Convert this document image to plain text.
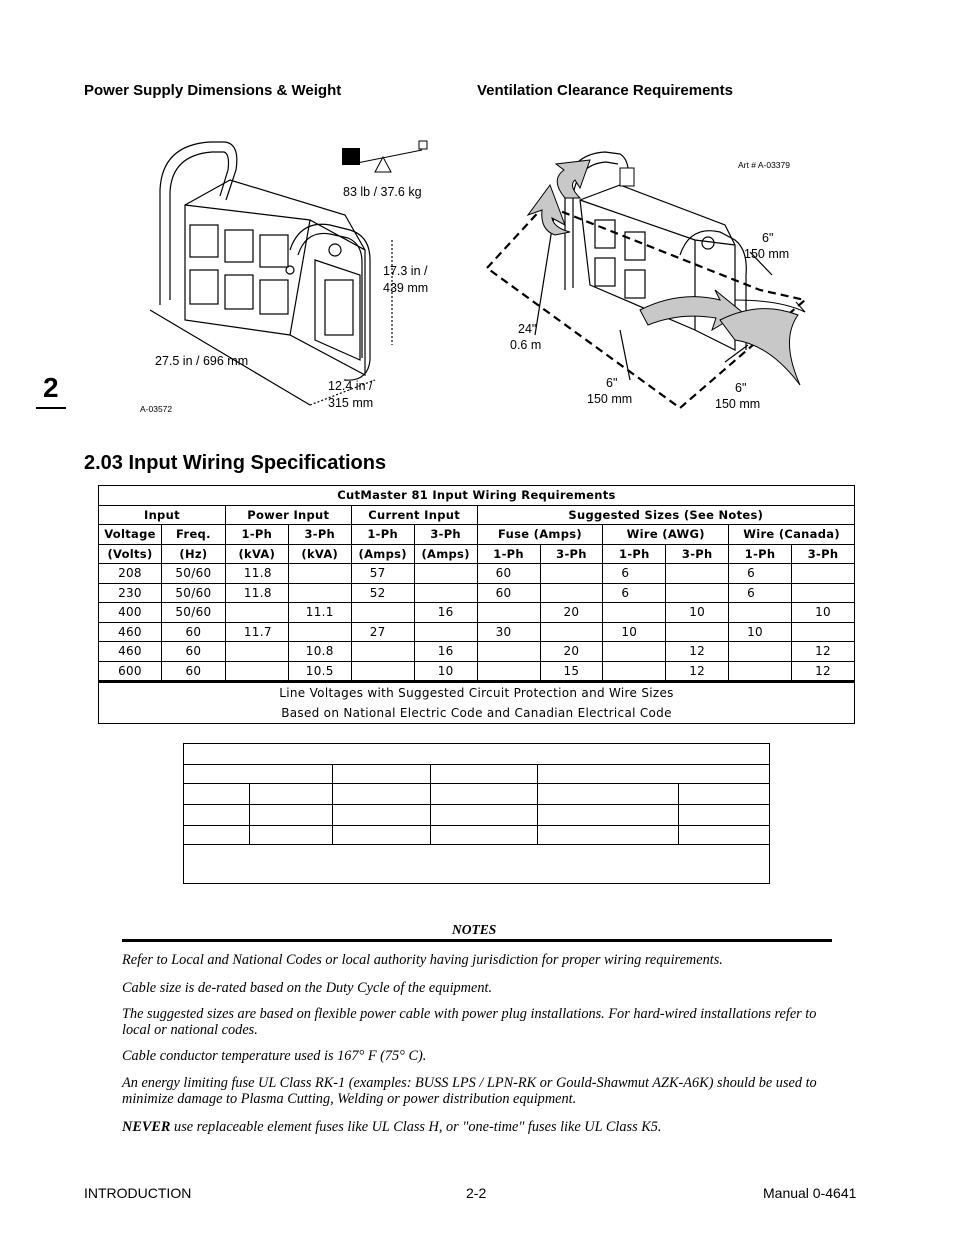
Power Supply Dimensions & Weight	Ventilation Clearance Requirements
83 lb / 37.6 kg
17.3 in /
439 mm
27.5 in / 696 mm
12.4 in /
315 mm
A-03572
Art # A-03379
6"
150 mm
24"
0.6 m
6"
150 mm
6"
150 mm
2
2.03 Input Wiring Specifications
CutMaster 81 Input Wiring Requirements											
Input		Power Input		Current Input		Suggested Sizes (See Notes)					
Voltage	Freq.	1-Ph	3-Ph	1-Ph	3-Ph	Fuse (Amps)		Wire (AWG)		Wire (Canada)	
(Volts)	(Hz)	(kVA)	(kVA)	(Amps)	(Amps)	1-Ph	3-Ph	1-Ph	3-Ph	1-Ph	3-Ph
208	50/60	11.8		57		60		6		6	
230	50/60	11.8		52		60		6		6	
400	50/60		11.1		16		20		10		10
460	60	11.7		27		30		10		10	
460	60		10.8		16		20		12		12
600	60		10.5		10		15		12		12
Line Voltages with Suggested Circuit Protection and Wire Sizes
Based on National Electric Code and Canadian Electrical Code											

NOTES
Refer to Local and National Codes or local authority having jurisdiction for proper wiring requirements.
Cable size is de-rated based on the Duty Cycle of the equipment.
The suggested sizes are based on flexible power cable with power plug installations. For hard-wired installations refer to local or national codes.
Cable conductor temperature used is 167° F (75° C).
An energy limiting fuse UL Class RK-1 (examples: BUSS LPS / LPN-RK or Gould-Shawmut AZK-A6K) should be used to minimize damage to Plasma Cutting, Welding or power distribution equipment.
NEVER use replaceable element fuses like UL Class H, or "one-time" fuses like UL Class K5.
INTRODUCTION	2-2	Manual 0-4641
